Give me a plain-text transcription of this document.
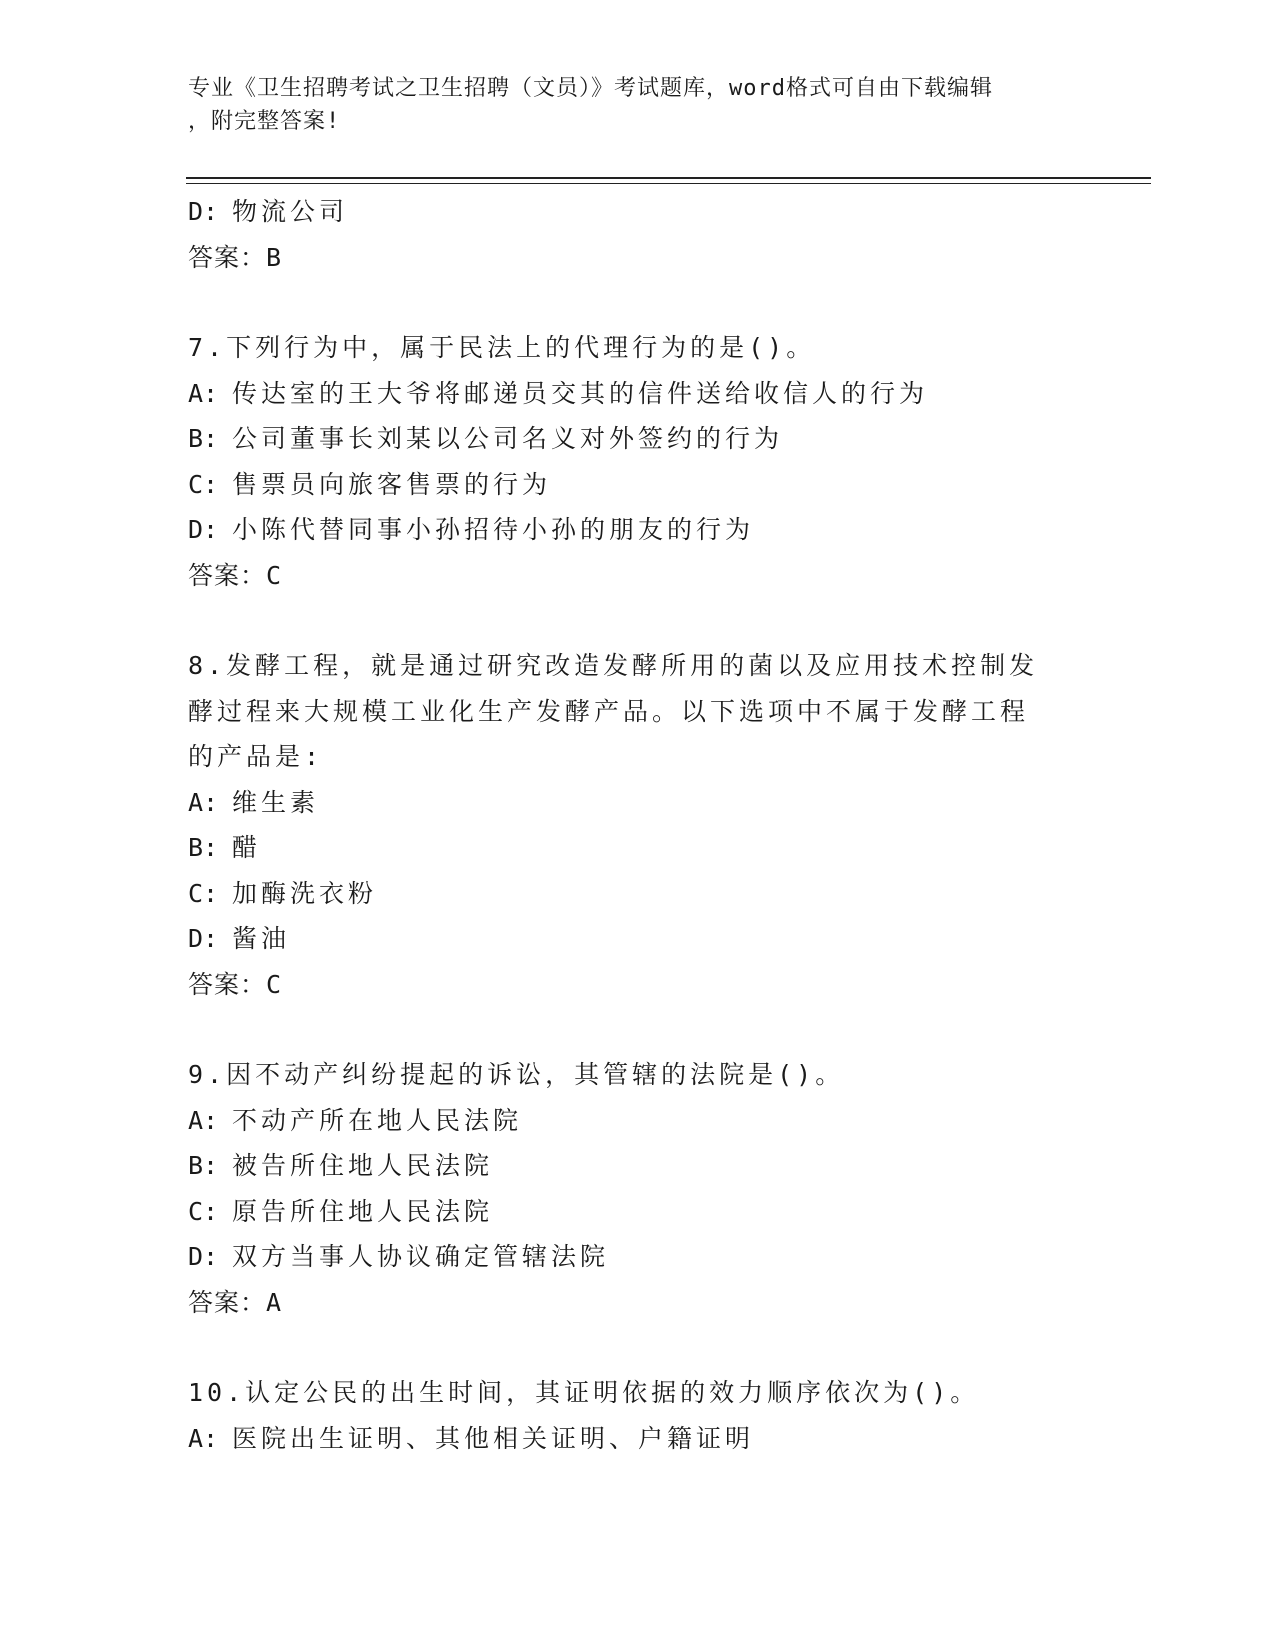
专业《卫生招聘考试之卫生招聘（文员）》考试题库，word格式可自由下载编辑
，附完整答案!
D: 物流公司
答案：B
7.下列行为中，属于民法上的代理行为的是()。
A: 传达室的王大爷将邮递员交其的信件送给收信人的行为
B: 公司董事长刘某以公司名义对外签约的行为
C: 售票员向旅客售票的行为
D: 小陈代替同事小孙招待小孙的朋友的行为
答案：C
8.发酵工程，就是通过研究改造发酵所用的菌以及应用技术控制发酵过程来大规模工业化生产发酵产品。以下选项中不属于发酵工程的产品是:
A: 维生素
B: 醋
C: 加酶洗衣粉
D: 酱油
答案：C
9.因不动产纠纷提起的诉讼，其管辖的法院是()。
A: 不动产所在地人民法院
B: 被告所住地人民法院
C: 原告所住地人民法院
D: 双方当事人协议确定管辖法院
答案：A
10.认定公民的出生时间，其证明依据的效力顺序依次为()。
A: 医院出生证明、其他相关证明、户籍证明
